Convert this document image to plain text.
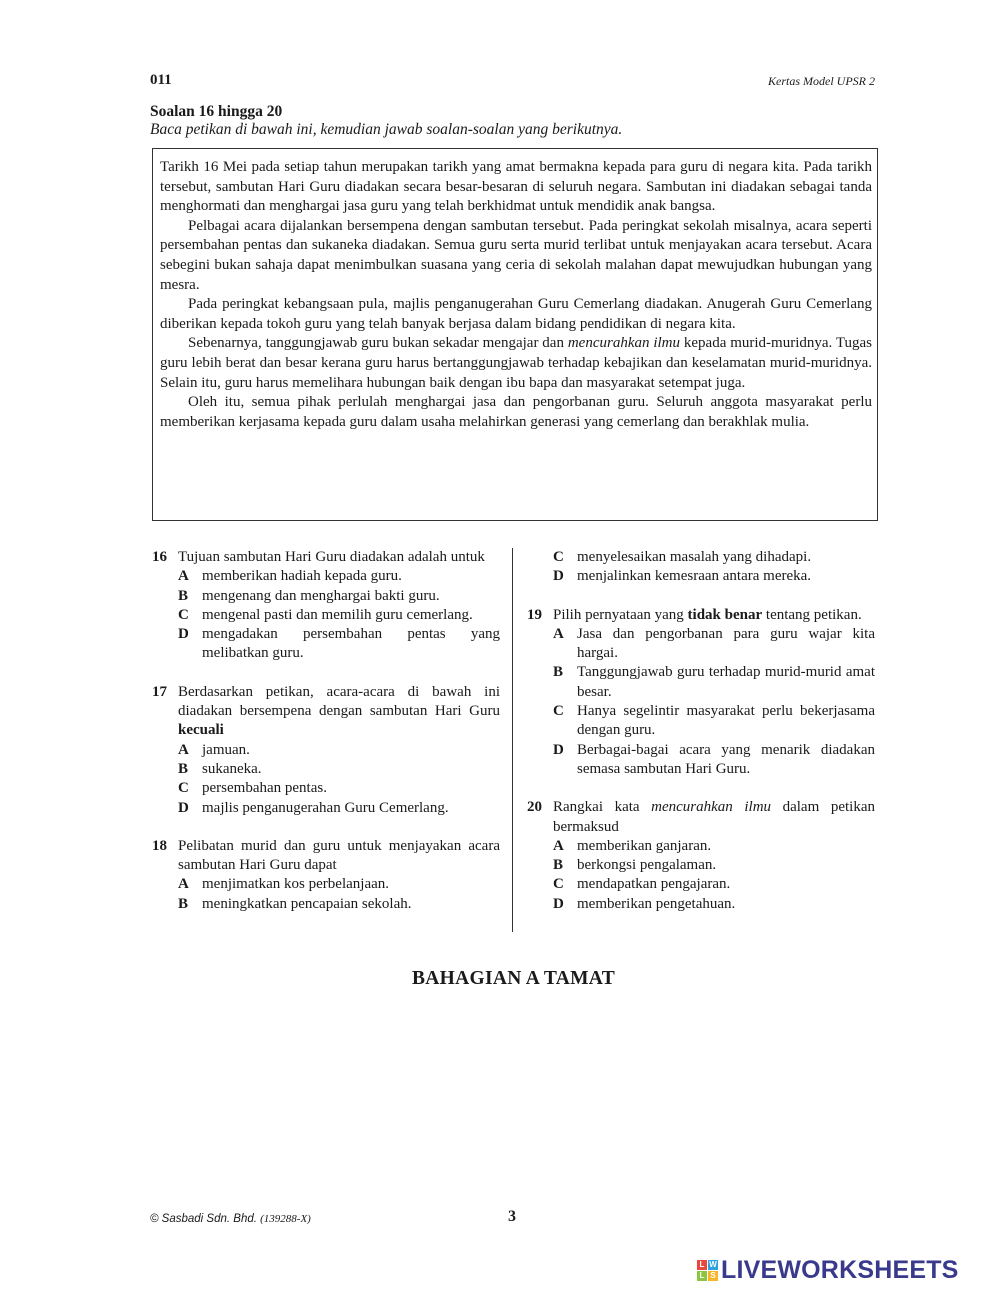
011	Kertas Model UPSR 2
Soalan 16 hingga 20
Baca petikan di bawah ini, kemudian jawab soalan-soalan yang berikutnya.

Tarikh 16 Mei pada setiap tahun merupakan tarikh yang amat bermakna kepada para guru di negara kita. Pada tarikh tersebut, sambutan Hari Guru diadakan secara besar-besaran di seluruh negara. Sambutan ini diadakan sebagai tanda menghormati dan menghargai jasa guru yang telah berkhidmat untuk mendidik anak bangsa.

Pelbagai acara dijalankan bersempena dengan sambutan tersebut. Pada peringkat sekolah misalnya, acara seperti persembahan pentas dan sukaneka diadakan. Semua guru serta murid terlibat untuk menjayakan acara tersebut. Acara sebegini bukan sahaja dapat menimbulkan suasana yang ceria di sekolah malahan dapat mewujudkan hubungan yang mesra.

Pada peringkat kebangsaan pula, majlis penganugerahan Guru Cemerlang diadakan. Anugerah Guru Cemerlang diberikan kepada tokoh guru yang telah banyak berjasa dalam bidang pendidikan di negara kita.

Sebenarnya, tanggungjawab guru bukan sekadar mengajar dan mencurahkan ilmu kepada murid-muridnya. Tugas guru lebih berat dan besar kerana guru harus bertanggungjawab terhadap kebajikan dan keselamatan murid-muridnya. Selain itu, guru harus memelihara hubungan baik dengan ibu bapa dan masyarakat setempat juga.

Oleh itu, semua pihak perlulah menghargai jasa dan pengorbanan guru. Seluruh anggota masyarakat perlu memberikan kerjasama kepada guru dalam usaha melahirkan generasi yang cemerlang dan berakhlak mulia.

16 Tujuan sambutan Hari Guru diadakan adalah untuk
A memberikan hadiah kepada guru.
B mengenang dan menghargai bakti guru.
C mengenal pasti dan memilih guru cemerlang.
D mengadakan persembahan pentas yang melibatkan guru.
17 Berdasarkan petikan, acara-acara di bawah ini diadakan bersempena dengan sambutan Hari Guru kecuali
A jamuan.
B sukaneka.
C persembahan pentas.
D majlis penganugerahan Guru Cemerlang.
18 Pelibatan murid dan guru untuk menjayakan acara sambutan Hari Guru dapat
A menjimatkan kos perbelanjaan.
B meningkatkan pencapaian sekolah.
C menyelesaikan masalah yang dihadapi.
D menjalinkan kemesraan antara mereka.
19 Pilih pernyataan yang tidak benar tentang petikan.
A Jasa dan pengorbanan para guru wajar kita hargai.
B Tanggungjawab guru terhadap murid-murid amat besar.
C Hanya segelintir masyarakat perlu bekerjasama dengan guru.
D Berbagai-bagai acara yang menarik diadakan semasa sambutan Hari Guru.
20 Rangkai kata mencurahkan ilmu dalam petikan bermaksud
A memberikan ganjaran.
B berkongsi pengalaman.
C mendapatkan pengajaran.
D memberikan pengetahuan.
BAHAGIAN A TAMAT
© Sasbadi Sdn. Bhd. (139288-X)	3
L W
L S LIVEWORKSHEETS
